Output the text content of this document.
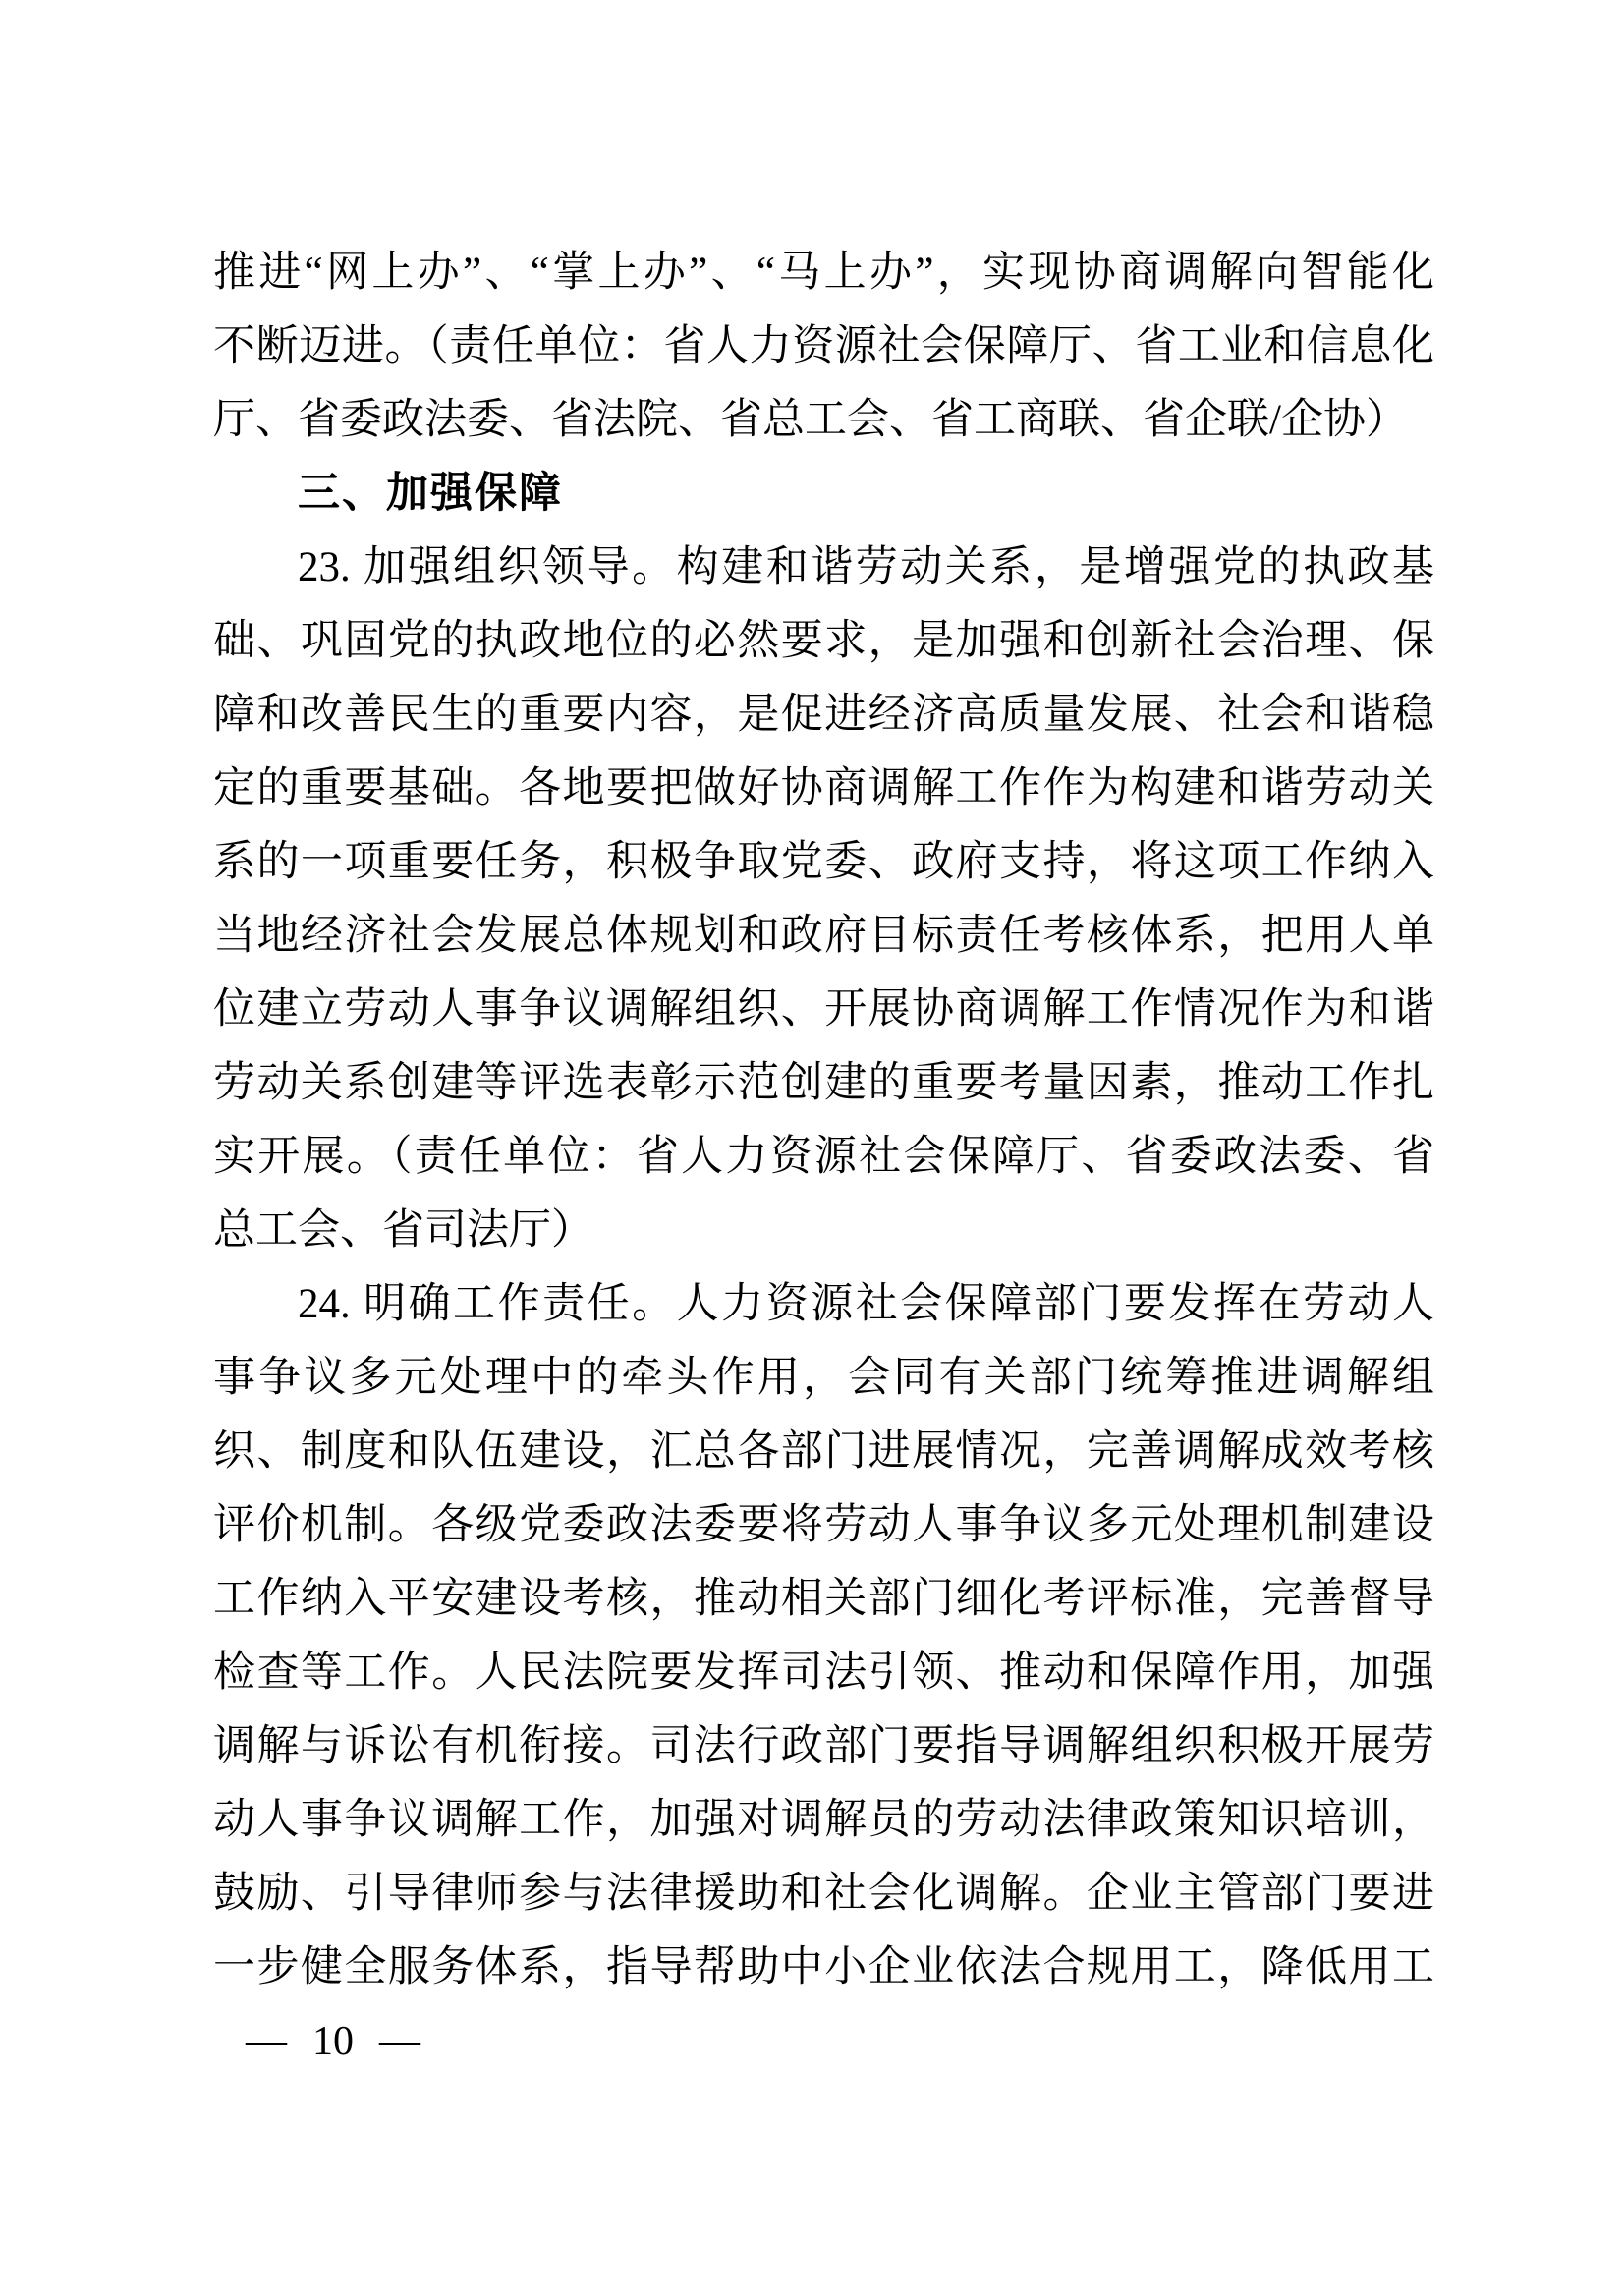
推进“网上办”、“掌上办”、“马上办”，实现协商调解向智能化
不断迈进。（责任单位：省人力资源社会保障厅、省工业和信息化
厅、省委政法委、省法院、省总工会、省工商联、省企联/企协）
三、加强保障
23. 加强组织领导。构建和谐劳动关系，是增强党的执政基
础、巩固党的执政地位的必然要求，是加强和创新社会治理、保
障和改善民生的重要内容，是促进经济高质量发展、社会和谐稳
定的重要基础。各地要把做好协商调解工作作为构建和谐劳动关
系的一项重要任务，积极争取党委、政府支持，将这项工作纳入
当地经济社会发展总体规划和政府目标责任考核体系，把用人单
位建立劳动人事争议调解组织、开展协商调解工作情况作为和谐
劳动关系创建等评选表彰示范创建的重要考量因素，推动工作扎
实开展。（责任单位：省人力资源社会保障厅、省委政法委、省
总工会、省司法厅）
24. 明确工作责任。人力资源社会保障部门要发挥在劳动人
事争议多元处理中的牵头作用，会同有关部门统筹推进调解组
织、制度和队伍建设，汇总各部门进展情况，完善调解成效考核
评价机制。各级党委政法委要将劳动人事争议多元处理机制建设
工作纳入平安建设考核，推动相关部门细化考评标准，完善督导
检查等工作。人民法院要发挥司法引领、推动和保障作用，加强
调解与诉讼有机衔接。司法行政部门要指导调解组织积极开展劳
动人事争议调解工作，加强对调解员的劳动法律政策知识培训，
鼓励、引导律师参与法律援助和社会化调解。企业主管部门要进
一步健全服务体系，指导帮助中小企业依法合规用工，降低用工
— 10 —
